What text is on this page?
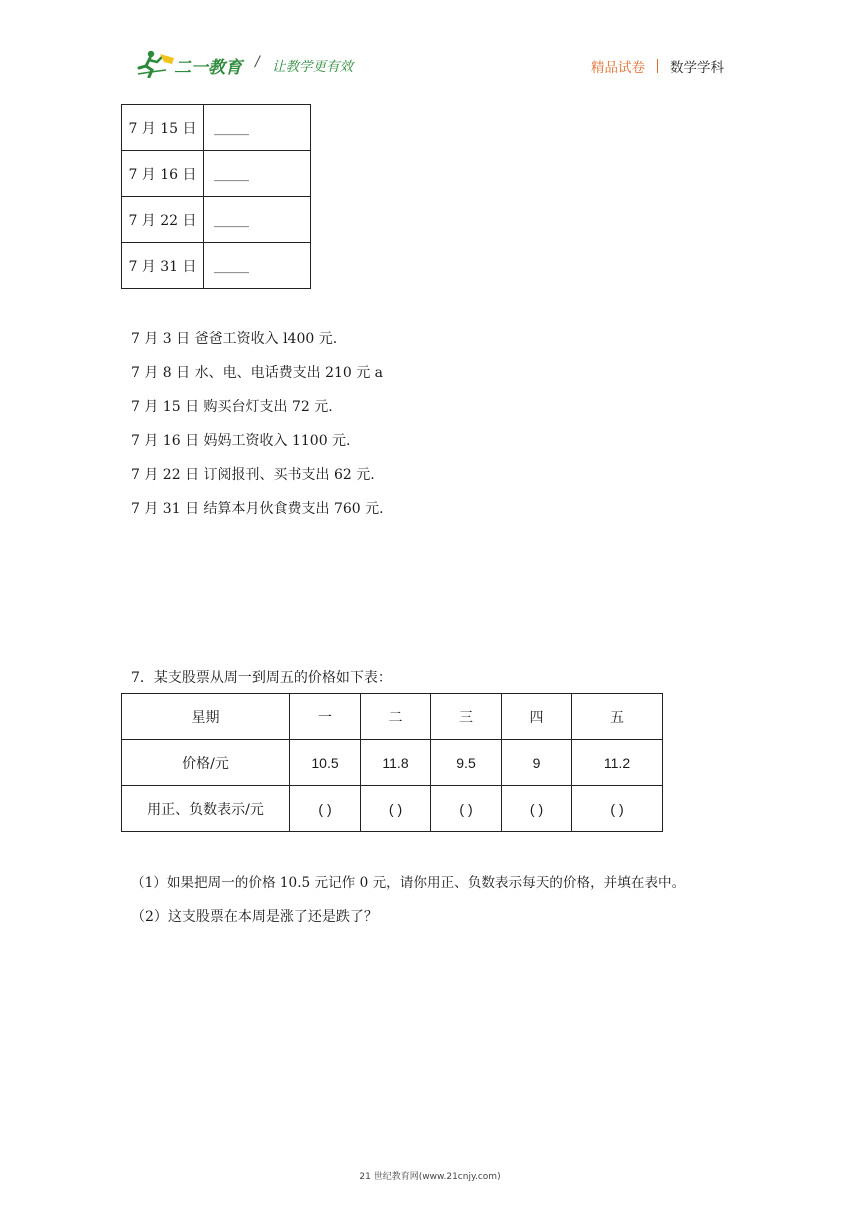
二一教育 / 让教学更有效	精品试卷 数学学科
7 月 15 日	_____
7 月 16 日	_____
7 月 22 日	_____
7 月 31 日	_____
7 月 3 日 爸爸工资收入 l400 元.
7 月 8 日 水、电、电话费支出 210 元 a
7 月 15 日 购买台灯支出 72 元.
7 月 16 日 妈妈工资收入 1100 元.
7 月 22 日 订阅报刊、买书支出 62 元.
7 月 31 日 结算本月伙食费支出 760 元.
7．某支股票从周一到周五的价格如下表：
星期	一	二	三	四	五
价格/元	10.5	11.8	9.5	9	11.2
用正、负数表示/元	( )	( )	( )	( )	( )
（1）如果把周一的价格 10.5 元记作 0 元，请你用正、负数表示每天的价格，并填在表中。
（2）这支股票在本周是涨了还是跌了？
21 世纪教育网(www.21cnjy.com)
